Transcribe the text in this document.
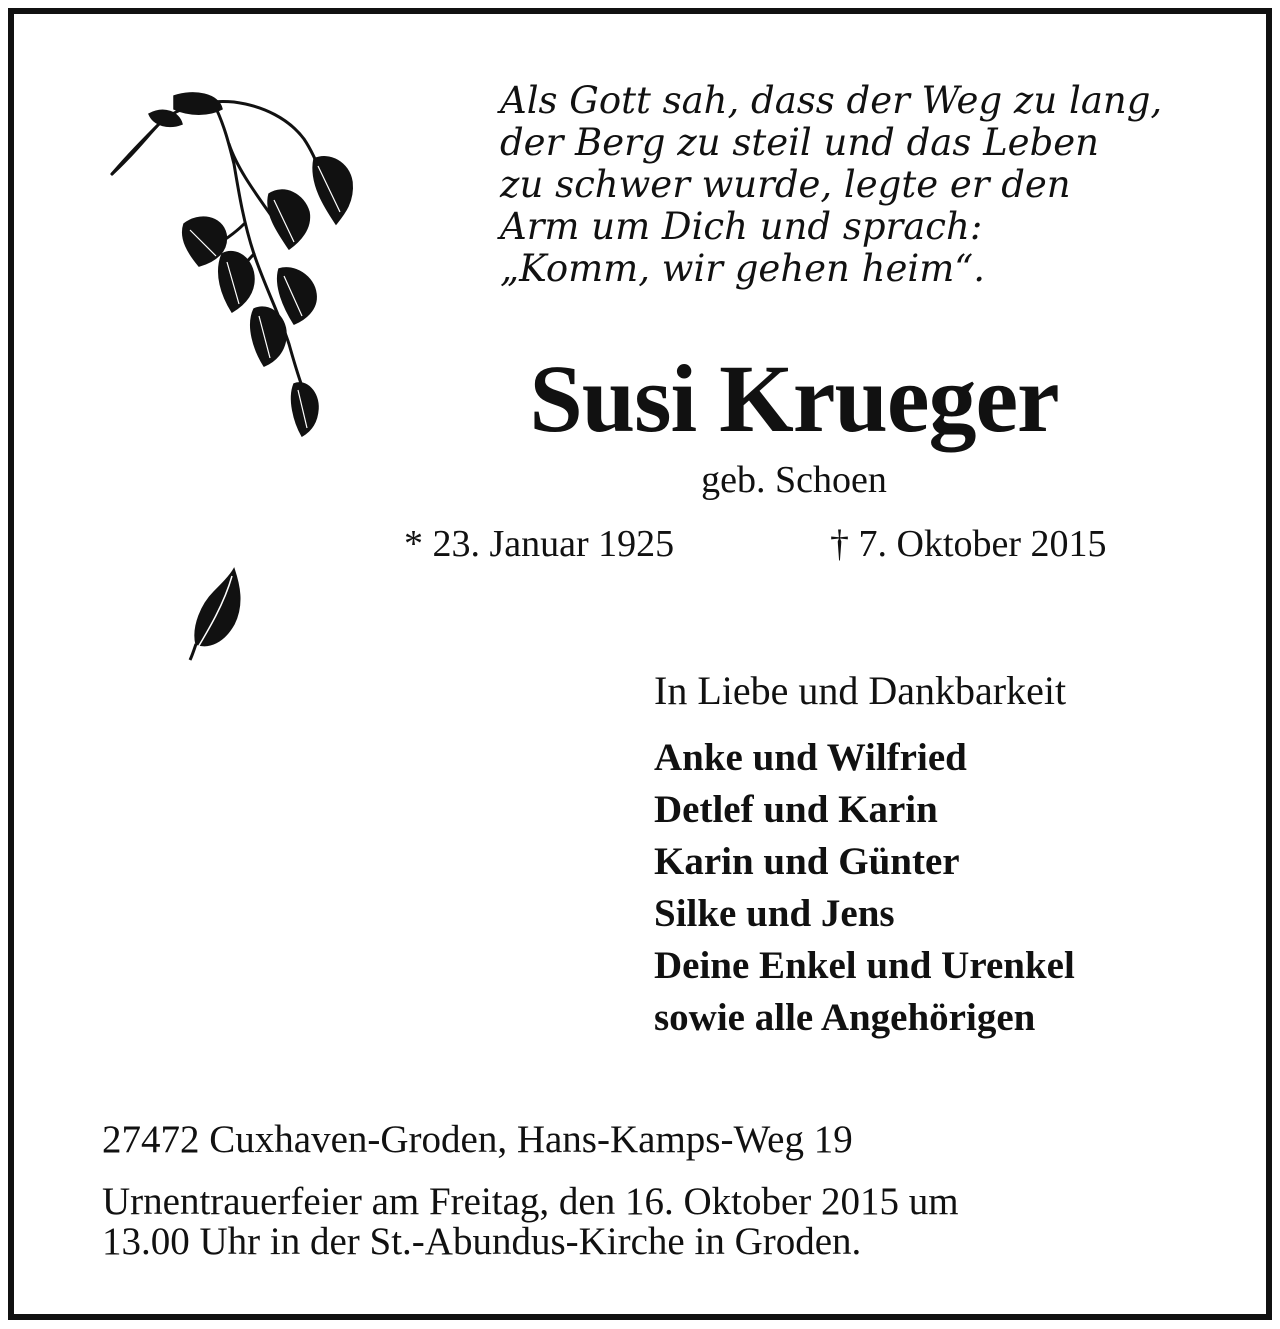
Als Gott sah, dass der Weg zu lang,
der Berg zu steil und das Leben
zu schwer wurde, legte er den
Arm um Dich und sprach:
„Komm, wir gehen heim“.
Susi Krueger
geb. Schoen
* 23. Januar 1925	† 7. Oktober 2015
In Liebe und Dankbarkeit
Anke und Wilfried
Detlef und Karin
Karin und Günter
Silke und Jens
Deine Enkel und Urenkel
sowie alle Angehörigen
27472 Cuxhaven-Groden, Hans-Kamps-Weg 19
Urnentrauerfeier am Freitag, den 16. Oktober 2015 um
13.00 Uhr in der St.-Abundus-Kirche in Groden.
